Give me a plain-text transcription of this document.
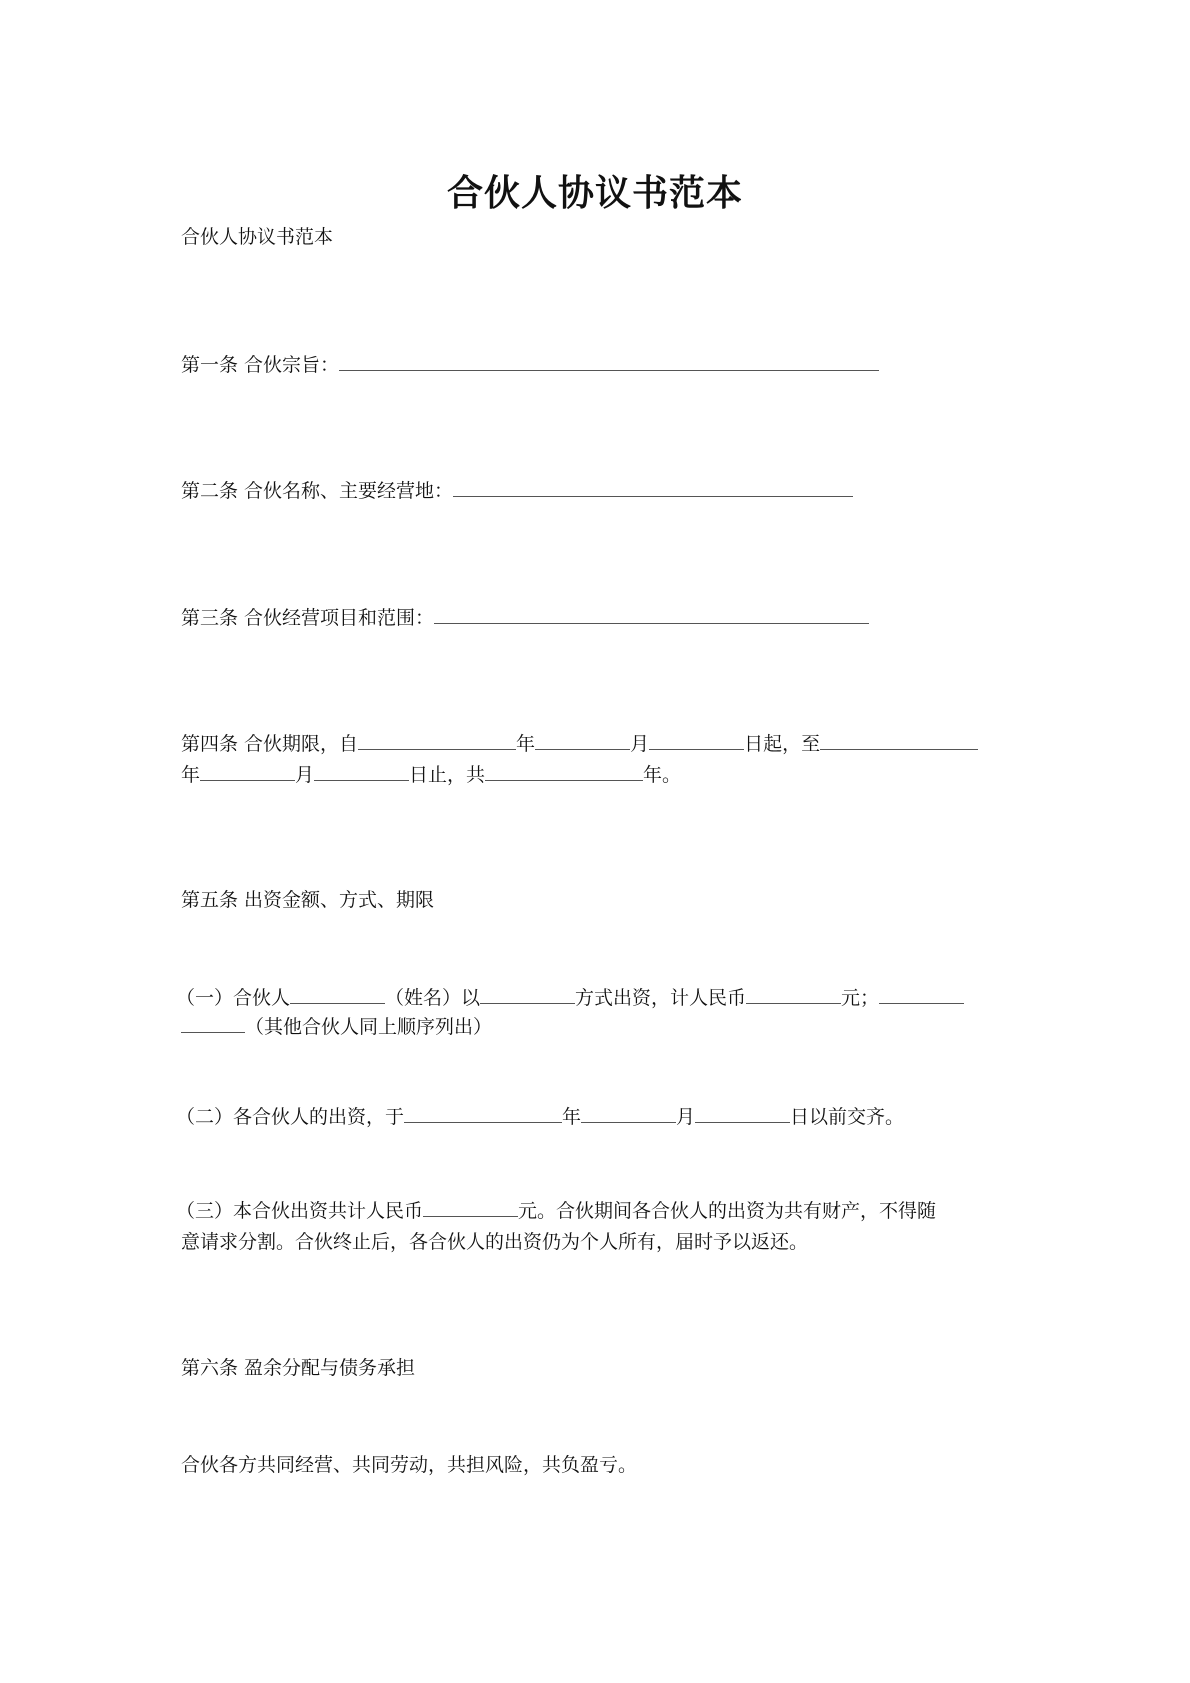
合伙人协议书范本
合伙人协议书范本
第一条 合伙宗旨：
第二条 合伙名称、主要经营地：
第三条 合伙经营项目和范围：
第四条 合伙期限，自	年	月	日起，至
年	月	日止，共	年。
第五条 出资金额、方式、期限
（一）合伙人	（姓名）以	方式出资，计人民币	元；
（其他合伙人同上顺序列出）
（二）各合伙人的出资，于	年	月	日以前交齐。
（三）本合伙出资共计人民币	元。合伙期间各合伙人的出资为共有财产，不得随
意请求分割。合伙终止后，各合伙人的出资仍为个人所有，届时予以返还。
第六条 盈余分配与债务承担
合伙各方共同经营、共同劳动，共担风险，共负盈亏。
